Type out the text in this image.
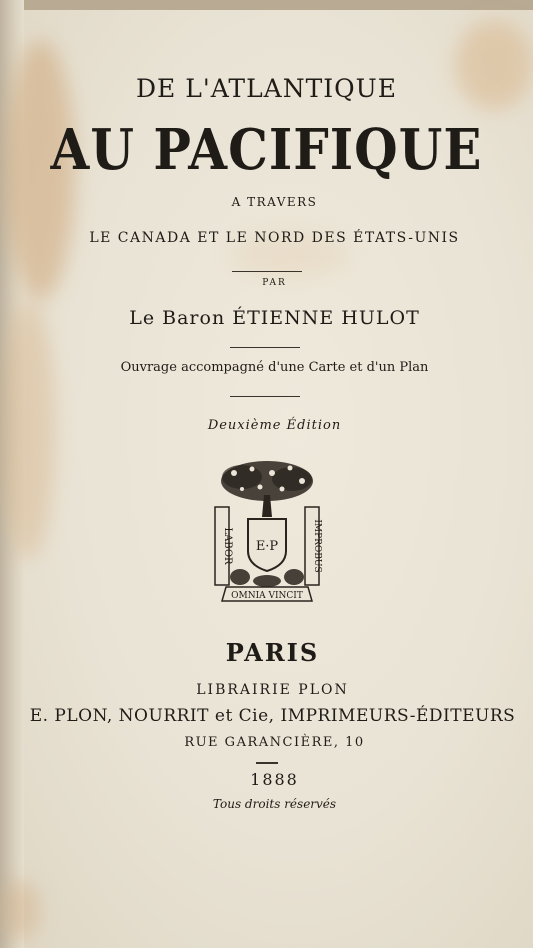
DE L'ATLANTIQUE
AU PACIFIQUE
A TRAVERS
LE CANADA ET LE NORD DES ÉTATS-UNIS
PAR
Le Baron ÉTIENNE HULOT
Ouvrage accompagné d'une Carte et d'un Plan
Deuxième Édition
E·P
LABOR	IMPROBUS
OMNIA VINCIT
PARIS
LIBRAIRIE PLON
E. PLON, NOURRIT et Cie, IMPRIMEURS-ÉDITEURS
RUE GARANCIÈRE, 10
1888
Tous droits réservés
